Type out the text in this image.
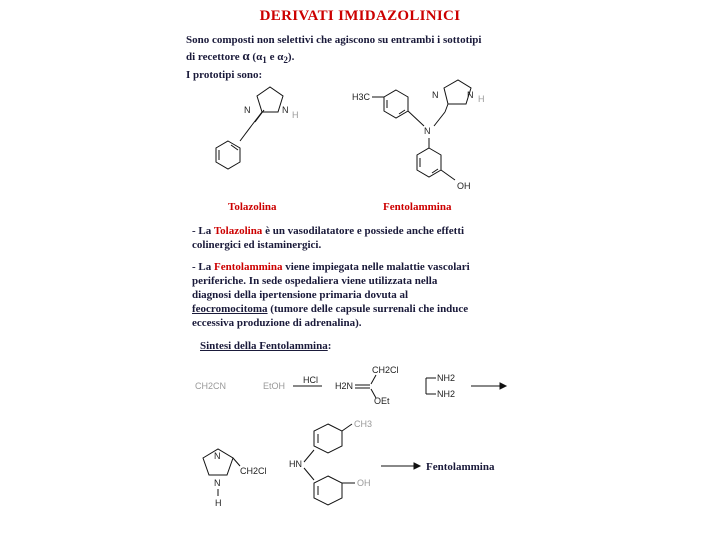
DERIVATI IMIDAZOLINICI
Sono composti non selettivi che agiscono su entrambi i sottotipi
di recettore α ($\alpha_1$ e $\alpha_2$).
I prototipi sono:
N	N H
H3C
N
N	N H
OH
CH2CN	EtOH
HCl
H2N
CH2Cl
OEt
NH2
NH2
N
N
H
CH2Cl
HN
CH3
OH
Tolazolina	Fentolammina
- La Tolazolina è un vasodilatatore e possiede anche effetti
colinergici ed istaminergici.
- La Fentolammina viene impiegata nelle malattie vascolari
periferiche. In sede ospedaliera viene utilizzata nella
diagnosi della ipertensione primaria dovuta al
feocromocitoma (tumore delle capsule surrenali che induce
eccessiva produzione di adrenalina).
Sintesi della Fentolammina:
Fentolammina
